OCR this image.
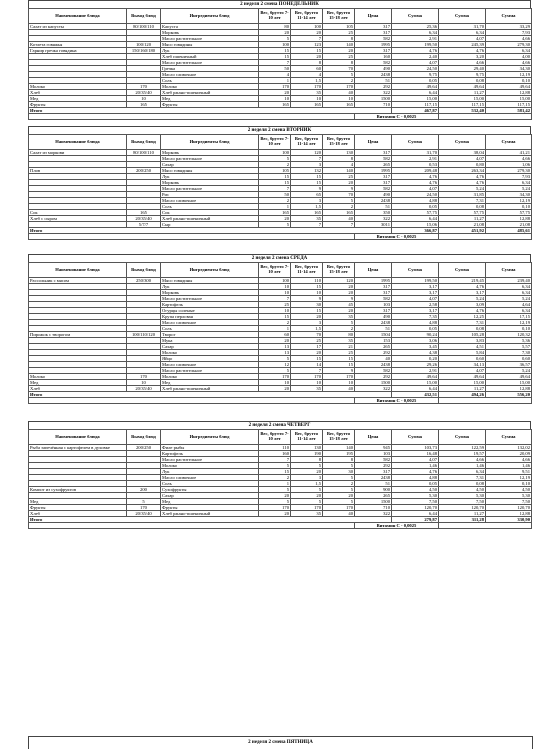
2 неделя 2 смена ПОНЕДЕЛЬНИК
Наименование блюда	Выход блюд	Ингредиенты блюд	Вес, брутто 7-10 лет	Вес, брутто 11-14 лет	Вес, брутто 15-18 лет	Цена	Сумма	Сумма	Сумма
Салат из капусты	80/100/110	Капуста	80	100	105	317	25,36	31,70	33,29
		Морковь	20	20	25	317	6,34	6,34	7,93
		Масло растительное	5	7	8	582	2,91	4,07	4,66
Котлета говяжья	100/120	Мясо говядины	100	123	140	1995	199,50	245,39	279,30
Гарнир гречка говядина	150/160/180	Лук	15	15	20	317	4,76	4,76	6,34
		Хлеб пшеничный	15	20	25	160	2,40	3,20	4,00
		Масло растительное	7	8	8	582	4,07	4,66	4,66
		Гречка	50	60	70	490	24,50	29,40	34,30
		Масло сливочное	4	4	5	2438	9,75	9,75	12,19
		Соль	1	1,5	2	51	0,05	0,08	0,10
Молоко	170	Молоко	170	170	170	292	49,64	49,64	49,64
Хлеб	20/35/40	Хлеб ржано-пшеничный	20	35	40	322	6,44	11,27	12,88
Мед	10	Мед	10	10	10	1500	15,00	15,00	15,00
Фрукты	165	Фрукты	165	165	165	710	117,15	117,15	117,15
Итого							467,87	532,40	581,42
						Витамин С - 0,0025			
2 неделя 2 смена ВТОРНИК
Наименование блюда	Выход блюд	Ингредиенты блюд	Вес, брутто 7-10 лет	Вес, брутто 11-14 лет	Вес, брутто 15-18 лет	Цена	Сумма	Сумма	Сумма
Салат из моркови	80/100/110	Морковь	100	120	130	317	31,70	38,04	41,21
		Масло растительное	5	7	8	582	2,91	4,07	4,66
		Сахар	2	3	4	265	0,53	0,80	1,06
Плов	200/250	Мясо говядины	105	132	140	1995	209,48	263,34	279,30
		Лук	15	15	25	317	4,76	4,76	7,93
		Морковь	15	15	20	317	4,76	4,76	6,34
		Масло растительное	7	9	9	582	4,07	5,24	5,24
		Рис	50	65	70	490	24,50	31,85	34,30
		Масло сливочное	2	3	5	2438	4,88	7,31	12,19
		Соль	1	1,5	2	51	0,05	0,08	0,10
Сок	165	Сок	165	165	165	350	57,75	57,75	57,75
Хлеб с сыром	20/35/40	Хлеб ржано-пшеничный	20	35	40	322	6,44	11,27	12,88
	5/7/7	Сыр	5	7	7	3011	15,06	21,08	21,08
Итого							366,87	451,92	485,61
						Витамин С - 0,0025			
2 неделя 2 смена СРЕДА
Наименование блюда	Выход блюд	Ингредиенты блюд	Вес, брутто 7-10 лет	Вес, брутто 11-14 лет	Вес, брутто 15-18 лет	Цена	Сумма	Сумма	Сумма
Рассольник с мясом	250/300	Мясо говядины	100	110	120	1995	199,50	219,45	239,40
		Лук	10	15	20	317	3,17	4,76	6,34
		Морковь	10	10	20	317	3,17	3,17	6,34
		Масло растительное	7	9	9	582	4,07	5,24	5,24
		Картофель	25	30	45	103	2,58	3,09	4,64
		Огурцы соленые	10	15	20	317	3,17	4,76	6,34
		Крупа перловая	15	20	35	490	7,35	12,25	17,15
		Масло сливочное	2	3	5	2438	4,88	7,31	12,19
		Соль	1	1,5	2	51	0,05	0,08	0,10
Пирожок с творогом	100/110/120	Творог	60	70	80	1504	90,24	105,28	120,32
		Мука	20	25	35	153	3,06	3,83	5,36
		Сахар	13	17	21	265	3,45	4,51	5,57
		Молоко	13	20	25	292	4,38	5,84	7,30
		Яйцо	5	15	15	40	0,20	0,60	0,60
		Масло сливочное	12	14	15	2438	29,26	34,13	36,57
		Масло растительное	5	7	9	582	2,91	4,07	5,24
Молоко	170	Молоко	170	170	170	292	49,64	49,64	49,64
Мед	10	Мед	10	10	10	1500	15,00	15,00	15,00
Хлеб	20/35/40	Хлеб ржано-пшеничный	20	35	40	322	6,44	11,27	12,88
Итого							432,51	494,26	556,20
						Витамин С - 0,0025			
2 неделя 2 смена ЧЕТВЕРГ
Наименование блюда	Выход блюд	Ингредиенты блюд	Вес, брутто 7-10 лет	Вес, брутто 11-14 лет	Вес, брутто 15-18 лет	Цена	Сумма	Сумма	Сумма
Рыба запечённая с картофелем в духовке	200/250	Филе рыбы	110	130	140	945	103,73	122,59	132,02
		Картофель	160	190	195	103	16,48	19,57	20,09
		Масло растительное	7	8	8	582	4,07	4,66	4,66
		Молоко	5	5	5	292	1,46	1,46	1,46
		Лук	15	20	30	317	4,76	6,34	9,51
		Масло сливочное	2	3	5	2438	4,88	7,31	12,19
		Соль	1	1,5	2	51	0,05	0,08	0,10
Компот из сухофруктов	200	Сухофрукты	5	5	5	900	4,50	4,50	4,50
		Сахар	20	20	20	265	5,30	5,30	5,30
Мед	5	Мед	5	5	5	1500	7,50	7,50	7,50
Фрукты	170	Фрукты	170	170	170	710	120,70	120,70	120,70
Хлеб	20/35/40	Хлеб ржано-пшеничный	20	35	40	322	6,44	11,27	12,88
Итого							279,87	311,28	330,90
						Витамин С - 0,0025			
2 неделя 2 смена ПЯТНИЦА
